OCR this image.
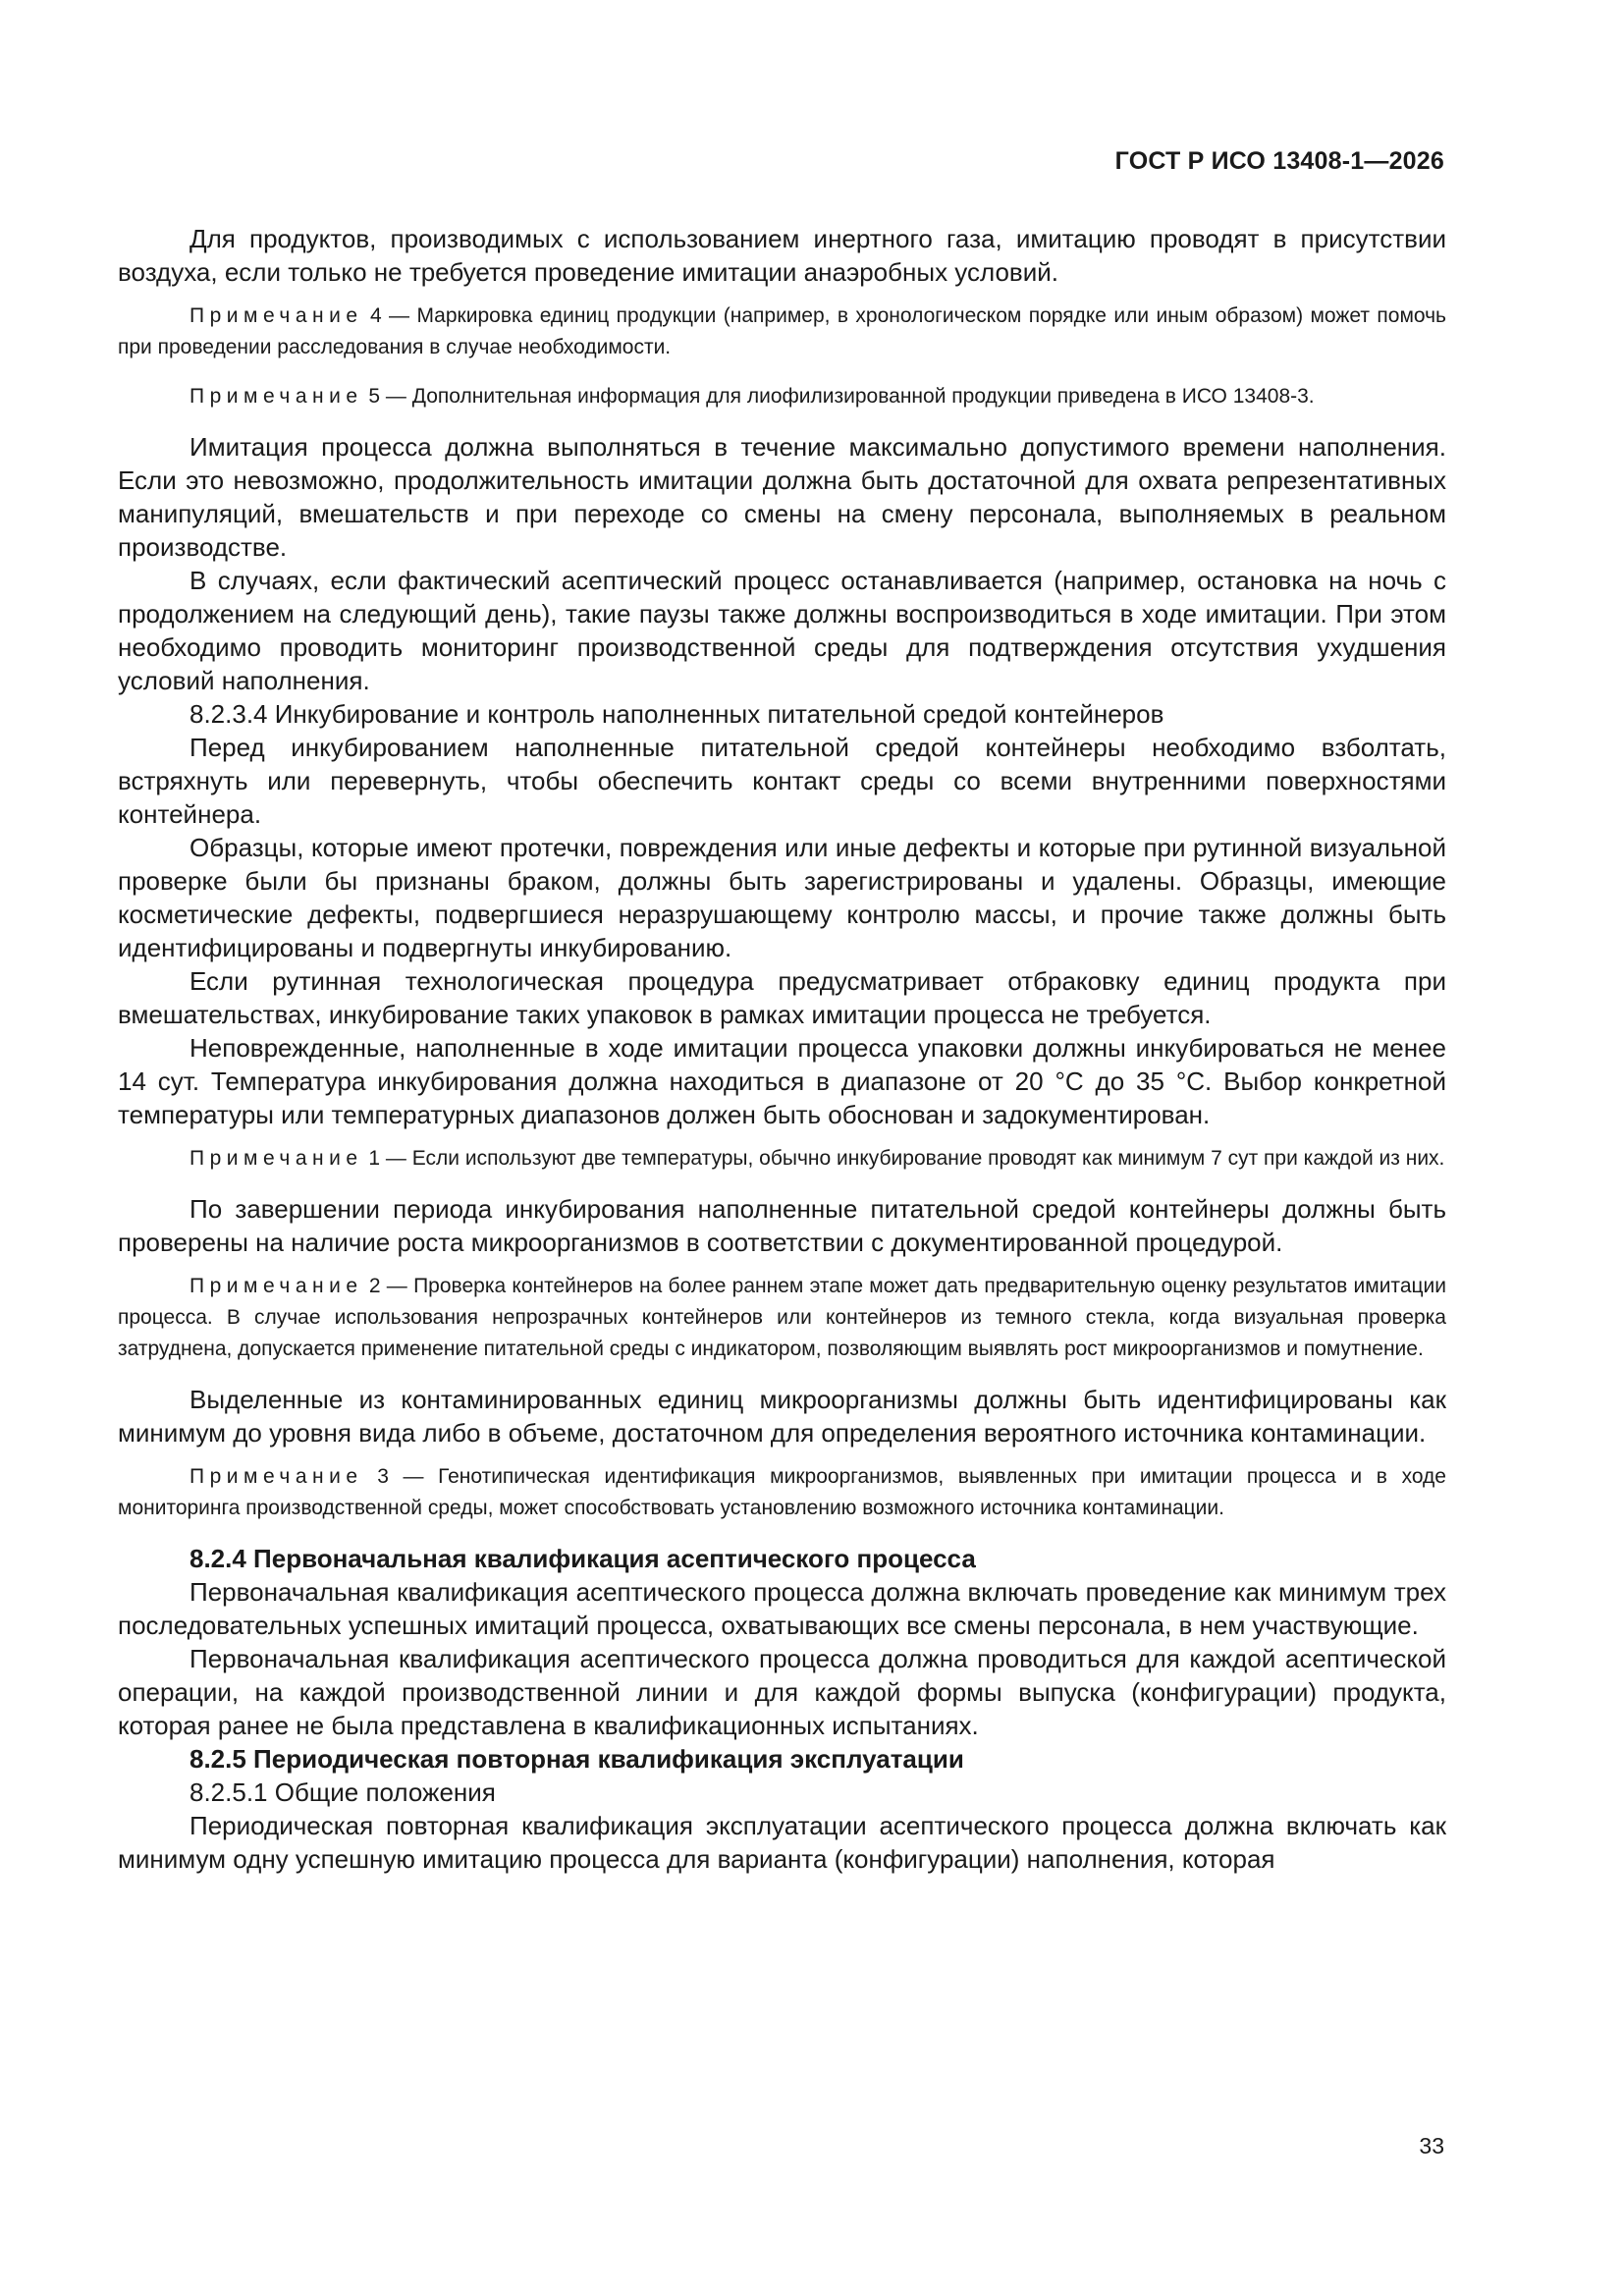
ГОСТ Р ИСО 13408-1—2026

Для продуктов, производимых с использованием инертного газа, имитацию проводят в присутствии воздуха, если только не требуется проведение имитации анаэробных условий.

Примечание 4 — Маркировка единиц продукции (например, в хронологическом порядке или иным образом) может помочь при проведении расследования в случае необходимости.

Примечание 5 — Дополнительная информация для лиофилизированной продукции приведена в ИСО 13408-3.

Имитация процесса должна выполняться в течение максимально допустимого времени наполнения. Если это невозможно, продолжительность имитации должна быть достаточной для охвата репрезентативных манипуляций, вмешательств и при переходе со смены на смену персонала, выполняемых в реальном производстве.

В случаях, если фактический асептический процесс останавливается (например, остановка на ночь с продолжением на следующий день), такие паузы также должны воспроизводиться в ходе имитации. При этом необходимо проводить мониторинг производственной среды для подтверждения отсутствия ухудшения условий наполнения.

8.2.3.4 Инкубирование и контроль наполненных питательной средой контейнеров

Перед инкубированием наполненные питательной средой контейнеры необходимо взболтать, встряхнуть или перевернуть, чтобы обеспечить контакт среды со всеми внутренними поверхностями контейнера.

Образцы, которые имеют протечки, повреждения или иные дефекты и которые при рутинной визуальной проверке были бы признаны браком, должны быть зарегистрированы и удалены. Образцы, имеющие косметические дефекты, подвергшиеся неразрушающему контролю массы, и прочие также должны быть идентифицированы и подвергнуты инкубированию.

Если рутинная технологическая процедура предусматривает отбраковку единиц продукта при вмешательствах, инкубирование таких упаковок в рамках имитации процесса не требуется.

Неповрежденные, наполненные в ходе имитации процесса упаковки должны инкубироваться не менее 14 сут. Температура инкубирования должна находиться в диапазоне от 20 °С до 35 °С. Выбор конкретной температуры или температурных диапазонов должен быть обоснован и задокументирован.

Примечание 1 — Если используют две температуры, обычно инкубирование проводят как минимум 7 сут при каждой из них.

По завершении периода инкубирования наполненные питательной средой контейнеры должны быть проверены на наличие роста микроорганизмов в соответствии с документированной процедурой.

Примечание 2 — Проверка контейнеров на более раннем этапе может дать предварительную оценку результатов имитации процесса. В случае использования непрозрачных контейнеров или контейнеров из темного стекла, когда визуальная проверка затруднена, допускается применение питательной среды с индикатором, позволяющим выявлять рост микроорганизмов и помутнение.

Выделенные из контаминированных единиц микроорганизмы должны быть идентифицированы как минимум до уровня вида либо в объеме, достаточном для определения вероятного источника контаминации.

Примечание 3 — Генотипическая идентификация микроорганизмов, выявленных при имитации процесса и в ходе мониторинга производственной среды, может способствовать установлению возможного источника контаминации.

8.2.4 Первоначальная квалификация асептического процесса

Первоначальная квалификация асептического процесса должна включать проведение как минимум трех последовательных успешных имитаций процесса, охватывающих все смены персонала, в нем участвующие.

Первоначальная квалификация асептического процесса должна проводиться для каждой асептической операции, на каждой производственной линии и для каждой формы выпуска (конфигурации) продукта, которая ранее не была представлена в квалификационных испытаниях.

8.2.5 Периодическая повторная квалификация эксплуатации

8.2.5.1 Общие положения

Периодическая повторная квалификация эксплуатации асептического процесса должна включать как минимум одну успешную имитацию процесса для варианта (конфигурации) наполнения, которая

33
